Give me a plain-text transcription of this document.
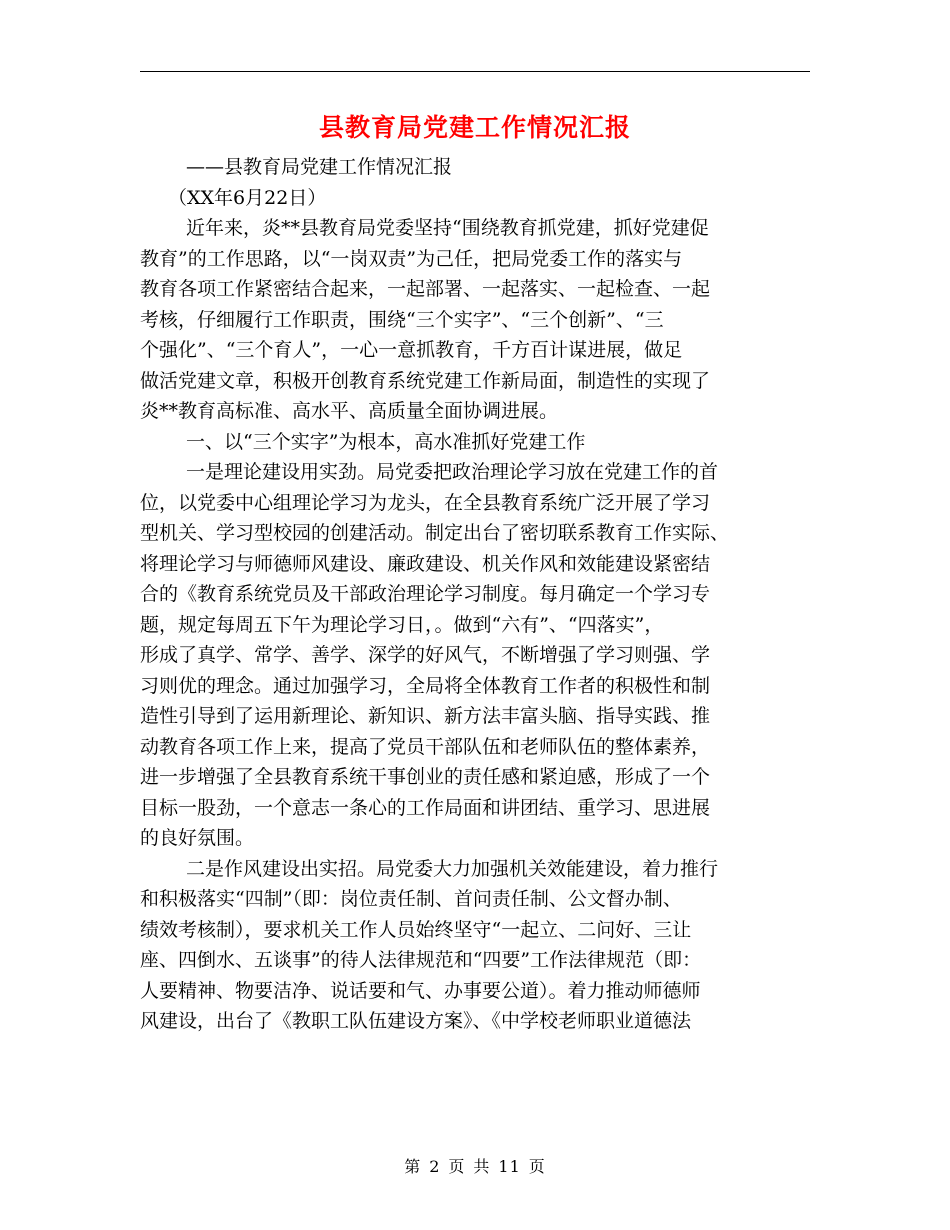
县教育局党建工作情况汇报
——县教育局党建工作情况汇报
（XX年6月22日）
近年来，炎**县教育局党委坚持“围绕教育抓党建，抓好党建促
教育”的工作思路，以“一岗双责”为己任，把局党委工作的落实与
教育各项工作紧密结合起来，一起部署、一起落实、一起检查、一起
考核，仔细履行工作职责，围绕“三个实字”、“三个创新”、“三
个强化”、“三个育人”，一心一意抓教育，千方百计谋进展，做足
做活党建文章，积极开创教育系统党建工作新局面，制造性的实现了
炎**教育高标准、高水平、高质量全面协调进展。
一、以“三个实字”为根本，高水准抓好党建工作
一是理论建设用实劲。局党委把政治理论学习放在党建工作的首
位，以党委中心组理论学习为龙头，在全县教育系统广泛开展了学习
型机关、学习型校园的创建活动。制定出台了密切联系教育工作实际、
将理论学习与师德师风建设、廉政建设、机关作风和效能建设紧密结
合的《教育系统党员及干部政治理论学习制度。每月确定一个学习专
题，规定每周五下午为理论学习日，。做到“六有”、“四落实”，
形成了真学、常学、善学、深学的好风气，不断增强了学习则强、学
习则优的理念。通过加强学习，全局将全体教育工作者的积极性和制
造性引导到了运用新理论、新知识、新方法丰富头脑、指导实践、推
动教育各项工作上来，提高了党员干部队伍和老师队伍的整体素养，
进一步增强了全县教育系统干事创业的责任感和紧迫感，形成了一个
目标一股劲，一个意志一条心的工作局面和讲团结、重学习、思进展
的良好氛围。
二是作风建设出实招。局党委大力加强机关效能建设，着力推行
和积极落实“四制”（即：岗位责任制、首问责任制、公文督办制、
绩效考核制），要求机关工作人员始终坚守“一起立、二问好、三让
座、四倒水、五谈事”的待人法律规范和“四要”工作法律规范（即：
人要精神、物要洁净、说话要和气、办事要公道）。着力推动师德师
风建设，出台了《教职工队伍建设方案》、《中学校老师职业道德法
第 2 页 共 11 页
